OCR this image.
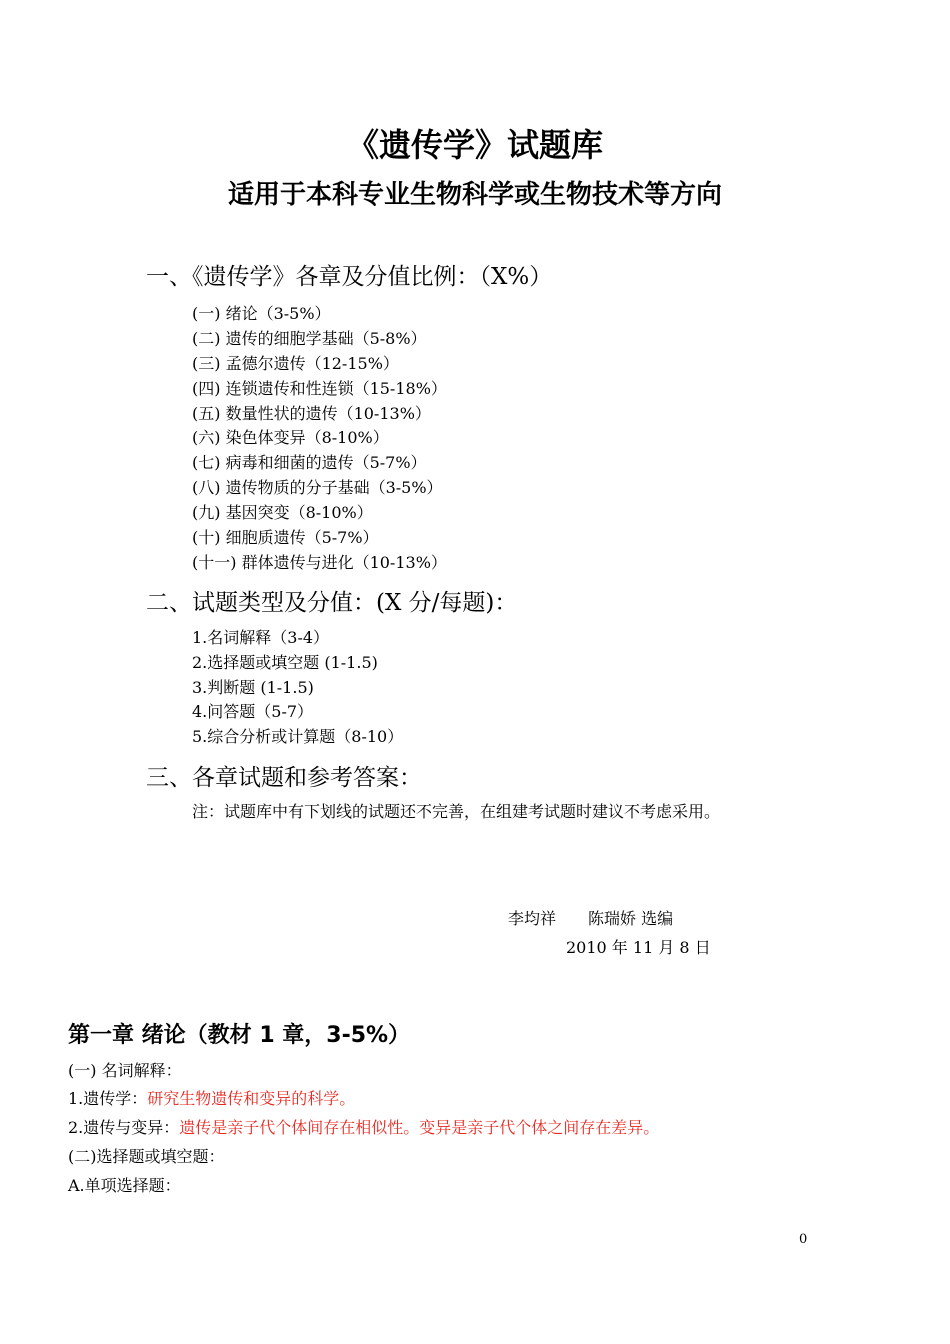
《遗传学》试题库
适用于本科专业生物科学或生物技术等方向
一、《遗传学》各章及分值比例：（X%）
(一) 绪论（3-5%）
(二) 遗传的细胞学基础（5-8%）
(三) 孟德尔遗传（12-15%）
(四) 连锁遗传和性连锁（15-18%）
(五) 数量性状的遗传（10-13%）
(六) 染色体变异（8-10%）
(七) 病毒和细菌的遗传（5-7%）
(八) 遗传物质的分子基础（3-5%）
(九) 基因突变（8-10%）
(十) 细胞质遗传（5-7%）
(十一) 群体遗传与进化（10-13%）
二、试题类型及分值：(X 分/每题)：
1.名词解释（3-4）
2.选择题或填空题 (1-1.5)
3.判断题 (1-1.5)
4.问答题（5-7）
5.综合分析或计算题（8-10）
三、各章试题和参考答案：
注：试题库中有下划线的试题还不完善，在组建考试题时建议不考虑采用。
李均祥　　陈瑞娇 选编
2010 年 11 月 8 日
第一章 绪论（教材 1 章，3-5%）
(一) 名词解释：
1.遗传学：研究生物遗传和变异的科学。
2.遗传与变异：遗传是亲子代个体间存在相似性。变异是亲子代个体之间存在差异。
(二)选择题或填空题：
A.单项选择题：
0
